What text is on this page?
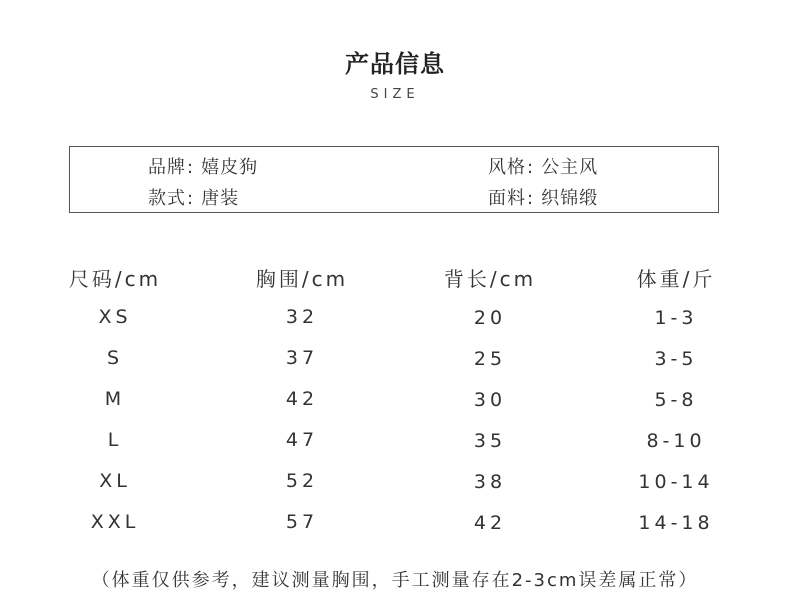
产品信息
SIZE
品牌: 嬉皮狗	风格: 公主风
款式: 唐装	面料: 织锦缎
尺码/cm	胸围/cm	背长/cm	体重/斤
XS	32	20	1-3
S	37	25	3-5
M	42	30	5-8
L	47	35	8-10
XL	52	38	10-14
XXL	57	42	14-18
（体重仅供参考，建议测量胸围，手工测量存在2-3cm误差属正常）
